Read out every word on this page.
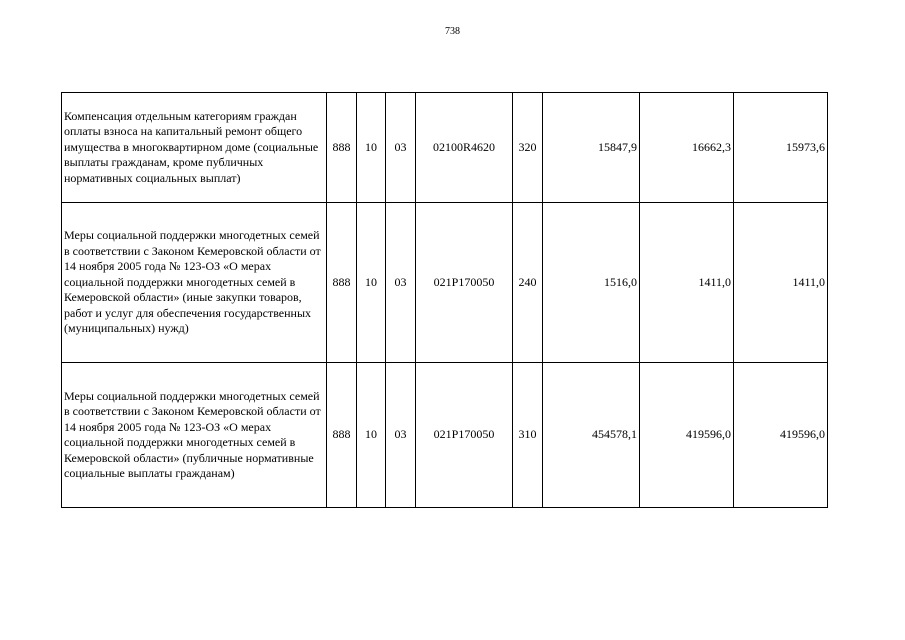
738
Компенсация отдельным категориям граждан оплаты взноса на капитальный ремонт общего имущества в многоквартирном доме (социальные выплаты гражданам, кроме публичных нормативных социальных выплат)	888	10	03	02100R4620	320	15847,9	16662,3	15973,6
Меры социальной поддержки многодетных семей в соответствии с Законом Кемеровской области от 14 ноября 2005 года № 123-ОЗ «О мерах социальной поддержки многодетных семей в Кемеровской области» (иные закупки товаров, работ и услуг для обеспечения государственных (муниципальных) нужд)	888	10	03	021P170050	240	1516,0	1411,0	1411,0
Меры социальной поддержки многодетных семей в соответствии с Законом Кемеровской области от 14 ноября 2005 года № 123-ОЗ «О мерах социальной поддержки многодетных семей в Кемеровской области» (публичные нормативные социальные выплаты гражданам)	888	10	03	021P170050	310	454578,1	419596,0	419596,0
